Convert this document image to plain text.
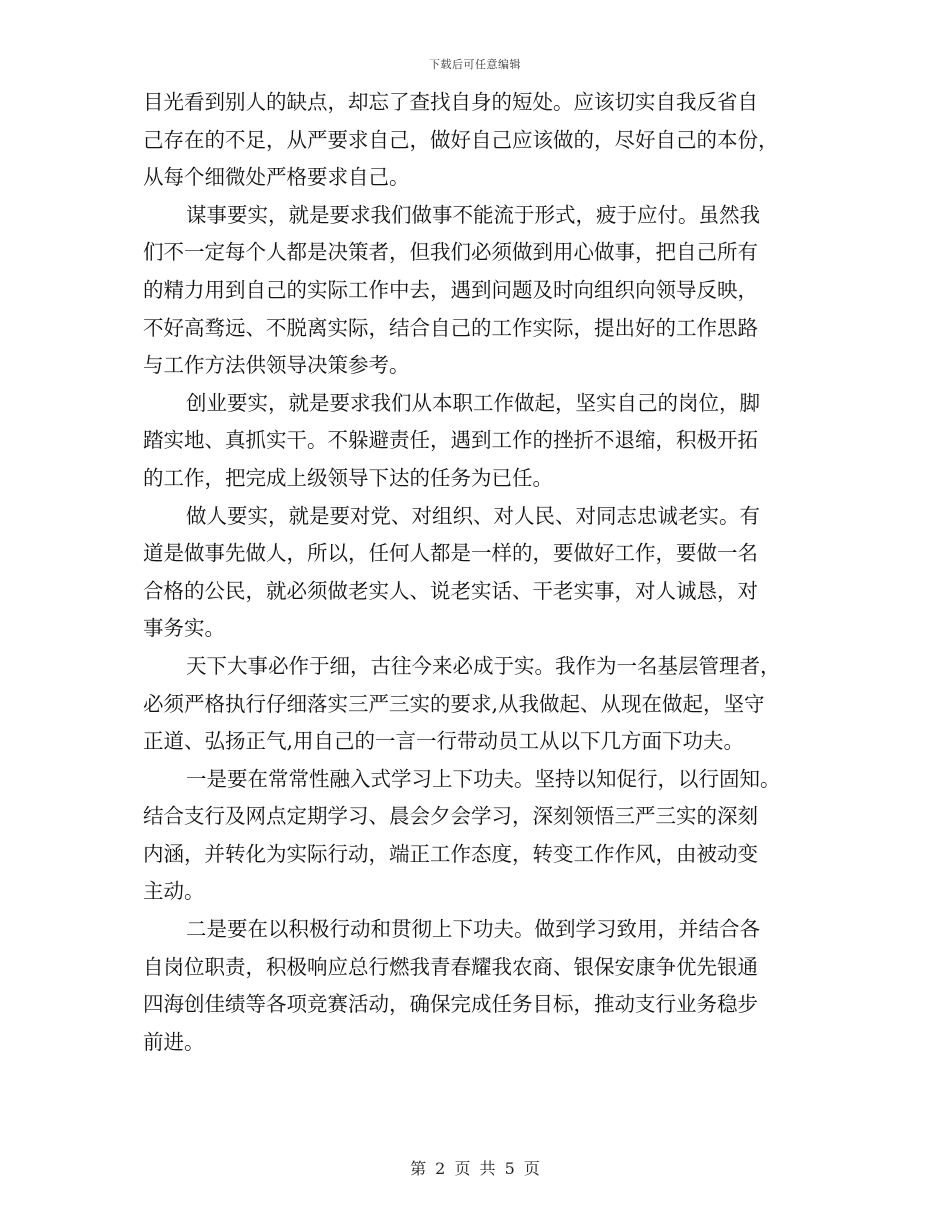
下载后可任意编辑
目光看到别人的缺点，却忘了查找自身的短处。应该切实自我反省自
己存在的不足，从严要求自己，做好自己应该做的，尽好自己的本份，
从每个细微处严格要求自己。
谋事要实，就是要求我们做事不能流于形式，疲于应付。虽然我
们不一定每个人都是决策者，但我们必须做到用心做事，把自己所有
的精力用到自己的实际工作中去，遇到问题及时向组织向领导反映，
不好高骛远、不脱离实际，结合自己的工作实际，提出好的工作思路
与工作方法供领导决策参考。
创业要实，就是要求我们从本职工作做起，坚实自己的岗位，脚
踏实地、真抓实干。不躲避责任，遇到工作的挫折不退缩，积极开拓
的工作，把完成上级领导下达的任务为已任。
做人要实，就是要对党、对组织、对人民、对同志忠诚老实。有
道是做事先做人，所以，任何人都是一样的，要做好工作，要做一名
合格的公民，就必须做老实人、说老实话、干老实事，对人诚恳，对
事务实。
天下大事必作于细，古往今来必成于实。我作为一名基层管理者，
必须严格执行仔细落实三严三实的要求,从我做起、从现在做起，坚守
正道、弘扬正气,用自己的一言一行带动员工从以下几方面下功夫。
一是要在常常性融入式学习上下功夫。坚持以知促行，以行固知。
结合支行及网点定期学习、晨会夕会学习，深刻领悟三严三实的深刻
内涵，并转化为实际行动，端正工作态度，转变工作作风，由被动变
主动。
二是要在以积极行动和贯彻上下功夫。做到学习致用，并结合各
自岗位职责，积极响应总行燃我青春耀我农商、银保安康争优先银通
四海创佳绩等各项竞赛活动，确保完成任务目标，推动支行业务稳步
前进。
第 2 页 共 5 页
